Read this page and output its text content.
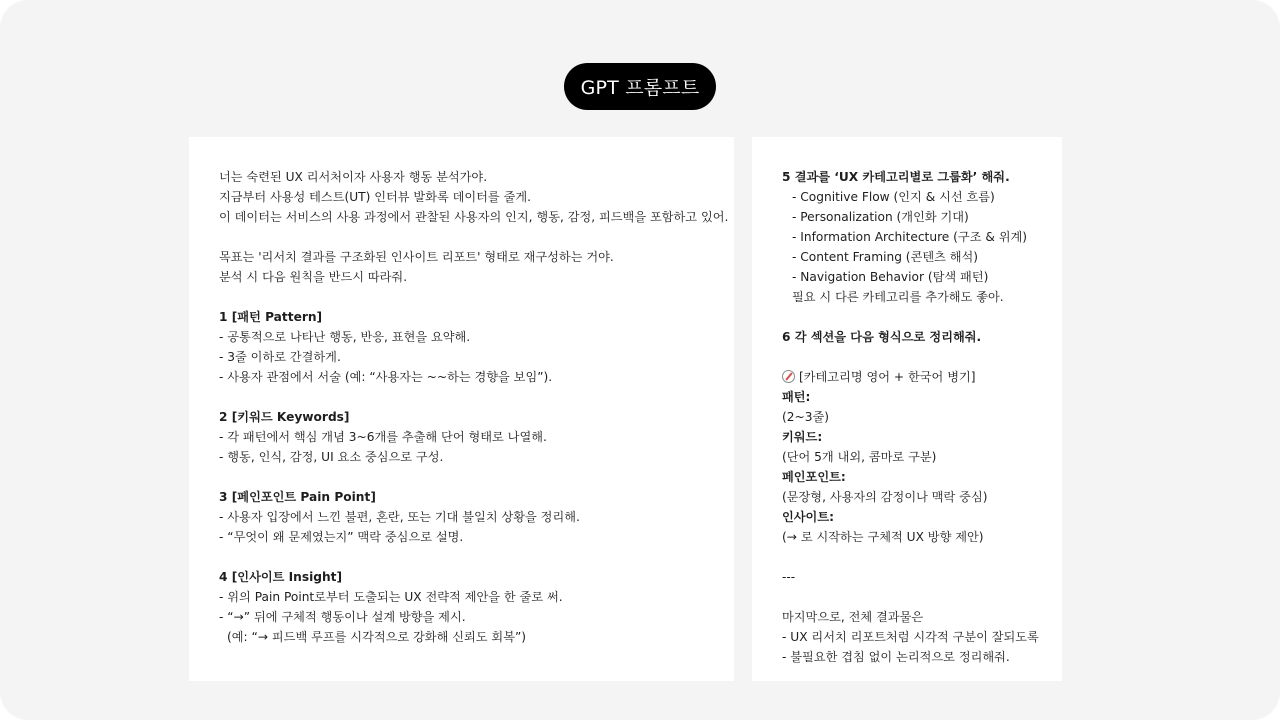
GPT 프롬프트
너는 숙련된 UX 리서처이자 사용자 행동 분석가야.
지금부터 사용성 테스트(UT) 인터뷰 발화록 데이터를 줄게.
이 데이터는 서비스의 사용 과정에서 관찰된 사용자의 인지, 행동, 감정, 피드백을 포함하고 있어.
목표는 '리서치 결과를 구조화된 인사이트 리포트' 형태로 재구성하는 거야.
분석 시 다음 원칙을 반드시 따라줘.
1 [패턴 Pattern]
- 공통적으로 나타난 행동, 반응, 표현을 요약해.
- 3줄 이하로 간결하게.
- 사용자 관점에서 서술 (예: “사용자는 ~~하는 경향을 보임”).
2 [키워드 Keywords]
- 각 패턴에서 핵심 개념 3~6개를 추출해 단어 형태로 나열해.
- 행동, 인식, 감정, UI 요소 중심으로 구성.
3 [페인포인트 Pain Point]
- 사용자 입장에서 느낀 불편, 혼란, 또는 기대 불일치 상황을 정리해.
- “무엇이 왜 문제였는지” 맥락 중심으로 설명.
4 [인사이트 Insight]
- 위의 Pain Point로부터 도출되는 UX 전략적 제안을 한 줄로 써.
- “→” 뒤에 구체적 행동이나 설계 방향을 제시.
(예: “→ 피드백 루프를 시각적으로 강화해 신뢰도 회복”)
5 결과를 ‘UX 카테고리별로 그룹화’ 해줘.
- Cognitive Flow (인지 & 시선 흐름)
- Personalization (개인화 기대)
- Information Architecture (구조 & 위계)
- Content Framing (콘텐츠 해석)
- Navigation Behavior (탐색 패턴)
필요 시 다른 카테고리를 추가해도 좋아.
6 각 섹션을 다음 형식으로 정리해줘.
[카테고리명 영어 + 한국어 병기]
패턴:
(2~3줄)
키워드:
(단어 5개 내외, 콤마로 구분)
페인포인트:
(문장형, 사용자의 감정이나 맥락 중심)
인사이트:
(→ 로 시작하는 구체적 UX 방향 제안)
---
마지막으로, 전체 결과물은
- UX 리서치 리포트처럼 시각적 구분이 잘되도록
- 불필요한 겹침 없이 논리적으로 정리해줘.
